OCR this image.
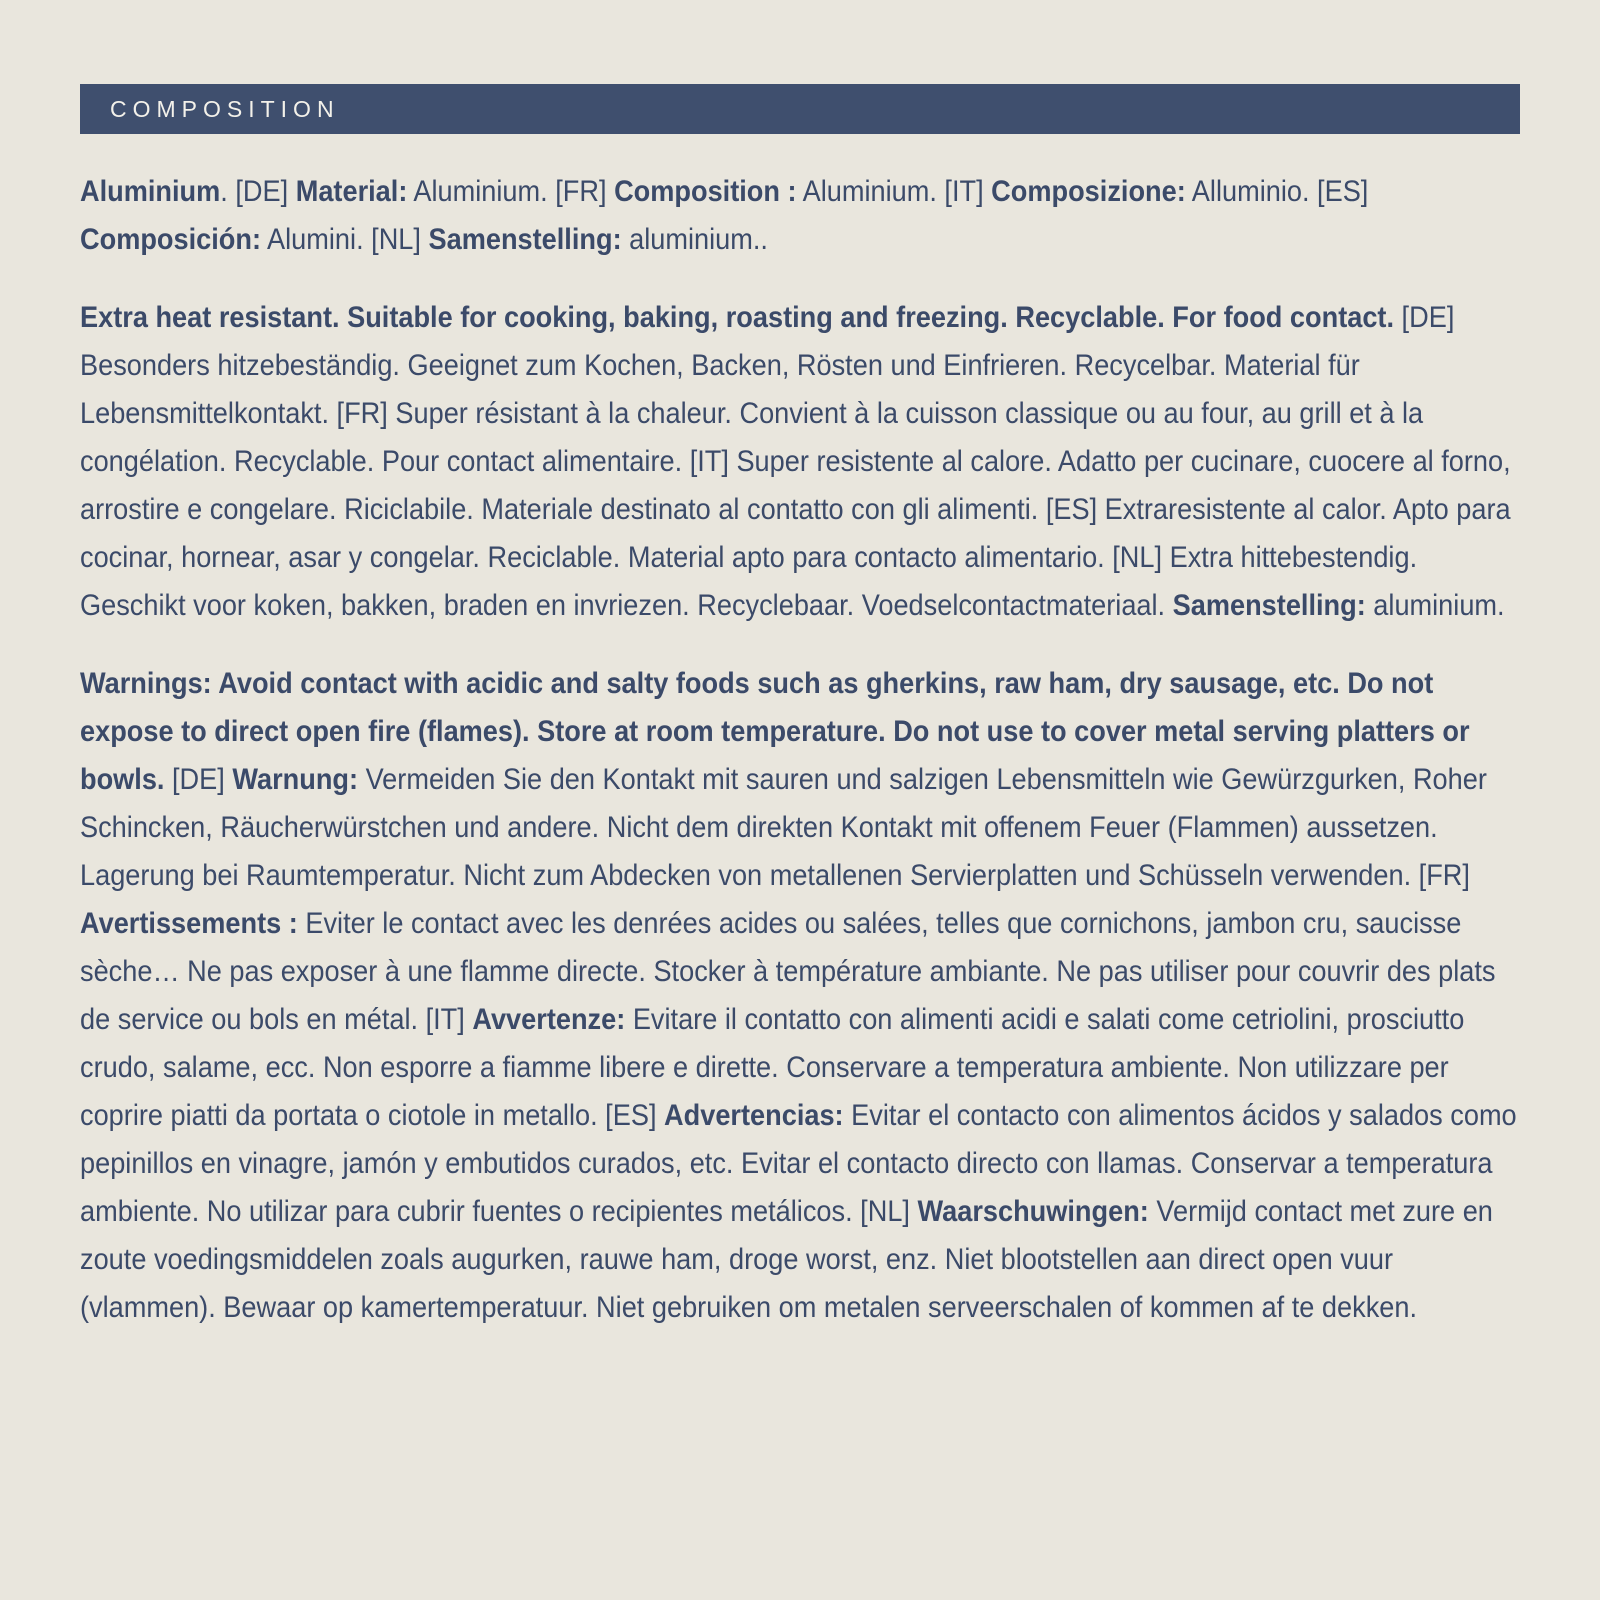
COMPOSITION

Aluminium. [DE] Material: Aluminium. [FR] Composition : Aluminium. [IT] Composizione: Alluminio. [ES] Composición: Alumini. [NL] Samenstelling: aluminium..

Extra heat resistant. Suitable for cooking, baking, roasting and freezing. Recyclable. For food contact. [DE] Besonders hitzebeständig. Geeignet zum Kochen, Backen, Rösten und Einfrieren. Recycelbar. Material für Lebensmittelkontakt. [FR] Super résistant à la chaleur. Convient à la cuisson classique ou au four, au grill et à la congélation. Recyclable. Pour contact alimentaire. [IT] Super resistente al calore. Adatto per cucinare, cuocere al forno, arrostire e congelare. Riciclabile. Materiale destinato al contatto con gli alimenti. [ES] Extraresistente al calor. Apto para cocinar, hornear, asar y congelar. Reciclable. Material apto para contacto alimentario. [NL] Extra hittebestendig. Geschikt voor koken, bakken, braden en invriezen. Recyclebaar. Voedselcontactmateriaal. Samenstelling: aluminium.

Warnings: Avoid contact with acidic and salty foods such as gherkins, raw ham, dry sausage, etc. Do not expose to direct open fire (flames). Store at room temperature. Do not use to cover metal serving platters or bowls. [DE] Warnung: Vermeiden Sie den Kontakt mit sauren und salzigen Lebensmitteln wie Gewürzgurken, Roher Schincken, Räucherwürstchen und andere. Nicht dem direkten Kontakt mit offenem Feuer (Flammen) aussetzen. Lagerung bei Raumtemperatur. Nicht zum Abdecken von metallenen Servierplatten und Schüsseln verwenden. [FR] Avertissements : Eviter le contact avec les denrées acides ou salées, telles que cornichons, jambon cru, saucisse sèche… Ne pas exposer à une flamme directe. Stocker à température ambiante. Ne pas utiliser pour couvrir des plats de service ou bols en métal. [IT] Avvertenze: Evitare il contatto con alimenti acidi e salati come cetriolini, prosciutto crudo, salame, ecc. Non esporre a fiamme libere e dirette. Conservare a temperatura ambiente. Non utilizzare per coprire piatti da portata o ciotole in metallo. [ES] Advertencias: Evitar el contacto con alimentos ácidos y salados como pepinillos en vinagre, jamón y embutidos curados, etc. Evitar el contacto directo con llamas. Conservar a temperatura ambiente. No utilizar para cubrir fuentes o recipientes metálicos. [NL] Waarschuwingen: Vermijd contact met zure en zoute voedingsmiddelen zoals augurken, rauwe ham, droge worst, enz. Niet blootstellen aan direct open vuur (vlammen). Bewaar op kamertemperatuur. Niet gebruiken om metalen serveerschalen of kommen af te dekken.
